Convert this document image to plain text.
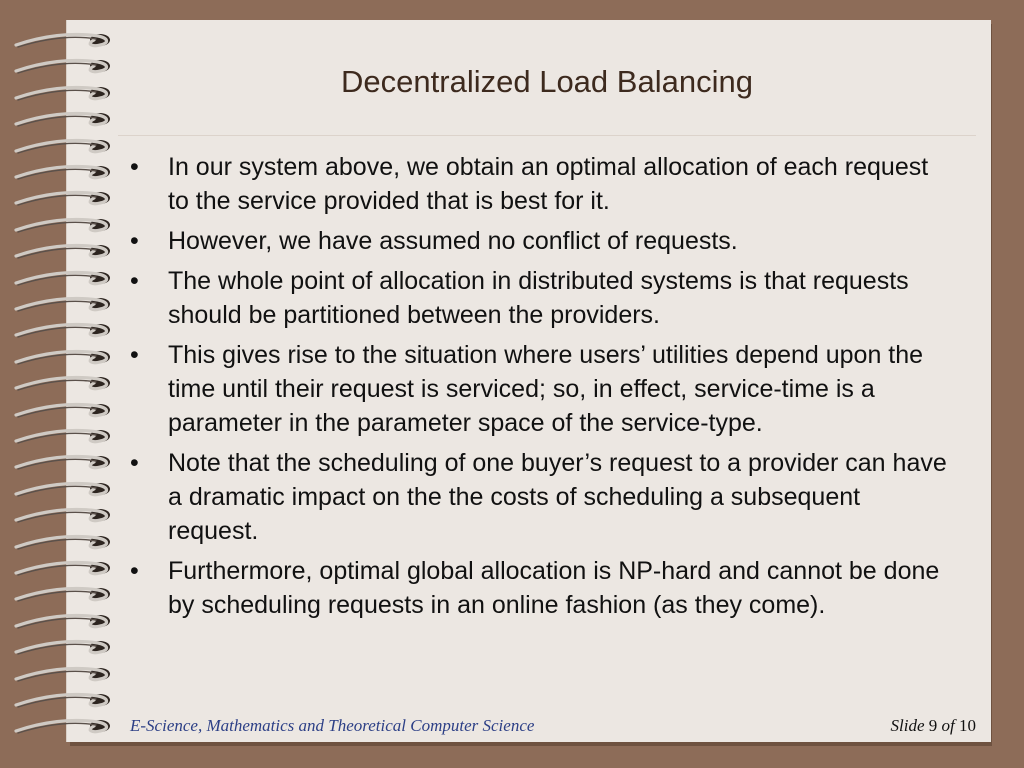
Decentralized Load Balancing
•	In our system above, we obtain an optimal allocation of each request to the service provided that is best for it.
•	However, we have assumed no conflict of requests.
•	The whole point of allocation in distributed systems is that requests should be partitioned between the providers.
•	This gives rise to the situation where users’ utilities depend upon the time until their request is serviced; so, in effect, service-time is a parameter in the parameter space of the service-type.
•	Note that the scheduling of one buyer’s request to a provider can have a dramatic impact on the the costs of scheduling a subsequent request.
•	Furthermore, optimal global allocation is NP-hard and cannot be done by scheduling requests in an online fashion (as they come).
E-Science, Mathematics and Theoretical Computer Science	Slide 9 of 10
